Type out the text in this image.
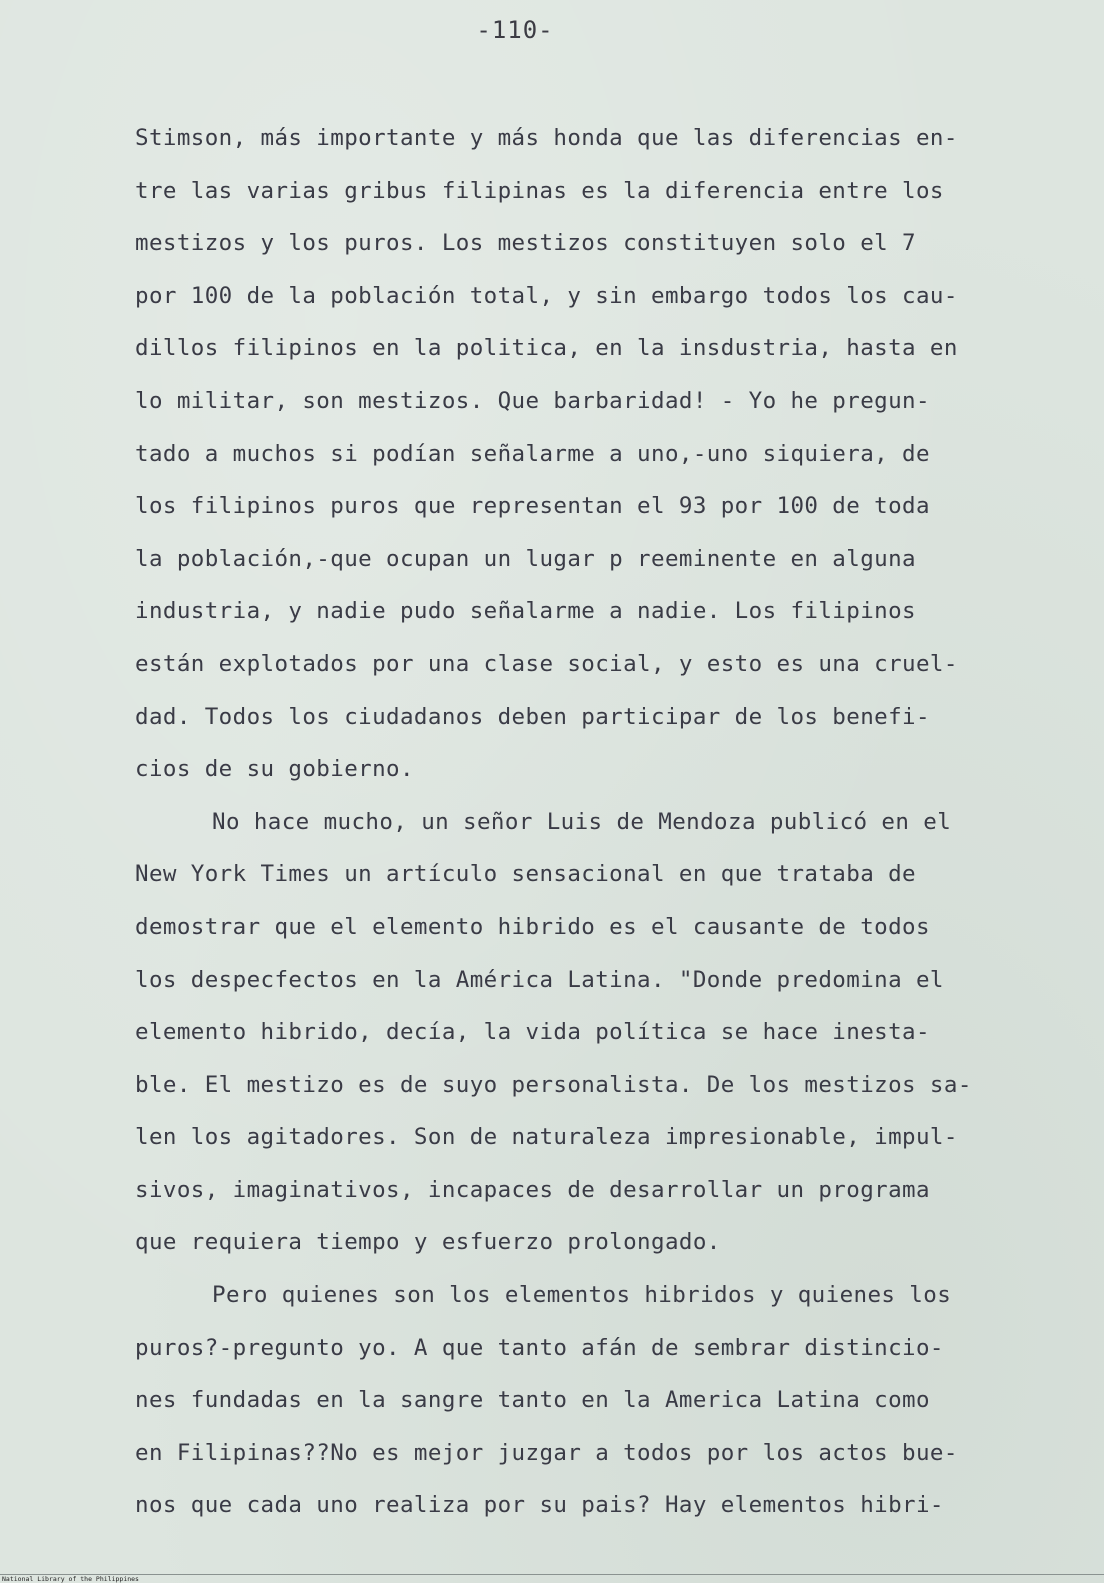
-110-
Stimson, más importante y más honda que las diferencias en-
tre las varias gribus filipinas es la diferencia entre los
mestizos y los puros. Los mestizos constituyen solo el 7
por 100 de la población total, y sin embargo todos los cau-
dillos filipinos en la politica, en la insdustria, hasta en
lo militar, son mestizos. Que barbaridad! - Yo he pregun-
tado a muchos si podían señalarme a uno,-uno siquiera, de
los filipinos puros que representan el 93 por 100 de toda
la población,-que ocupan un lugar p reeminente en alguna
industria, y nadie pudo señalarme a nadie. Los filipinos
están explotados por una clase social, y esto es una cruel-
dad. Todos los ciudadanos deben participar de los benefi-
cios de su gobierno.
No hace mucho, un señor Luis de Mendoza publicó en el
New York Times un artículo sensacional en que trataba de
demostrar que el elemento hibrido es el causante de todos
los despecfectos en la América Latina. "Donde predomina el
elemento hibrido, decía, la vida política se hace inesta-
ble. El mestizo es de suyo personalista. De los mestizos sa-
len los agitadores. Son de naturaleza impresionable, impul-
sivos, imaginativos, incapaces de desarrollar un programa
que requiera tiempo y esfuerzo prolongado.
Pero quienes son los elementos hibridos y quienes los
puros?-pregunto yo. A que tanto afán de sembrar distincio-
nes fundadas en la sangre tanto en la America Latina como
en Filipinas??No es mejor juzgar a todos por los actos bue-
nos que cada uno realiza por su pais? Hay elementos hibri-
National Library of the Philippines
